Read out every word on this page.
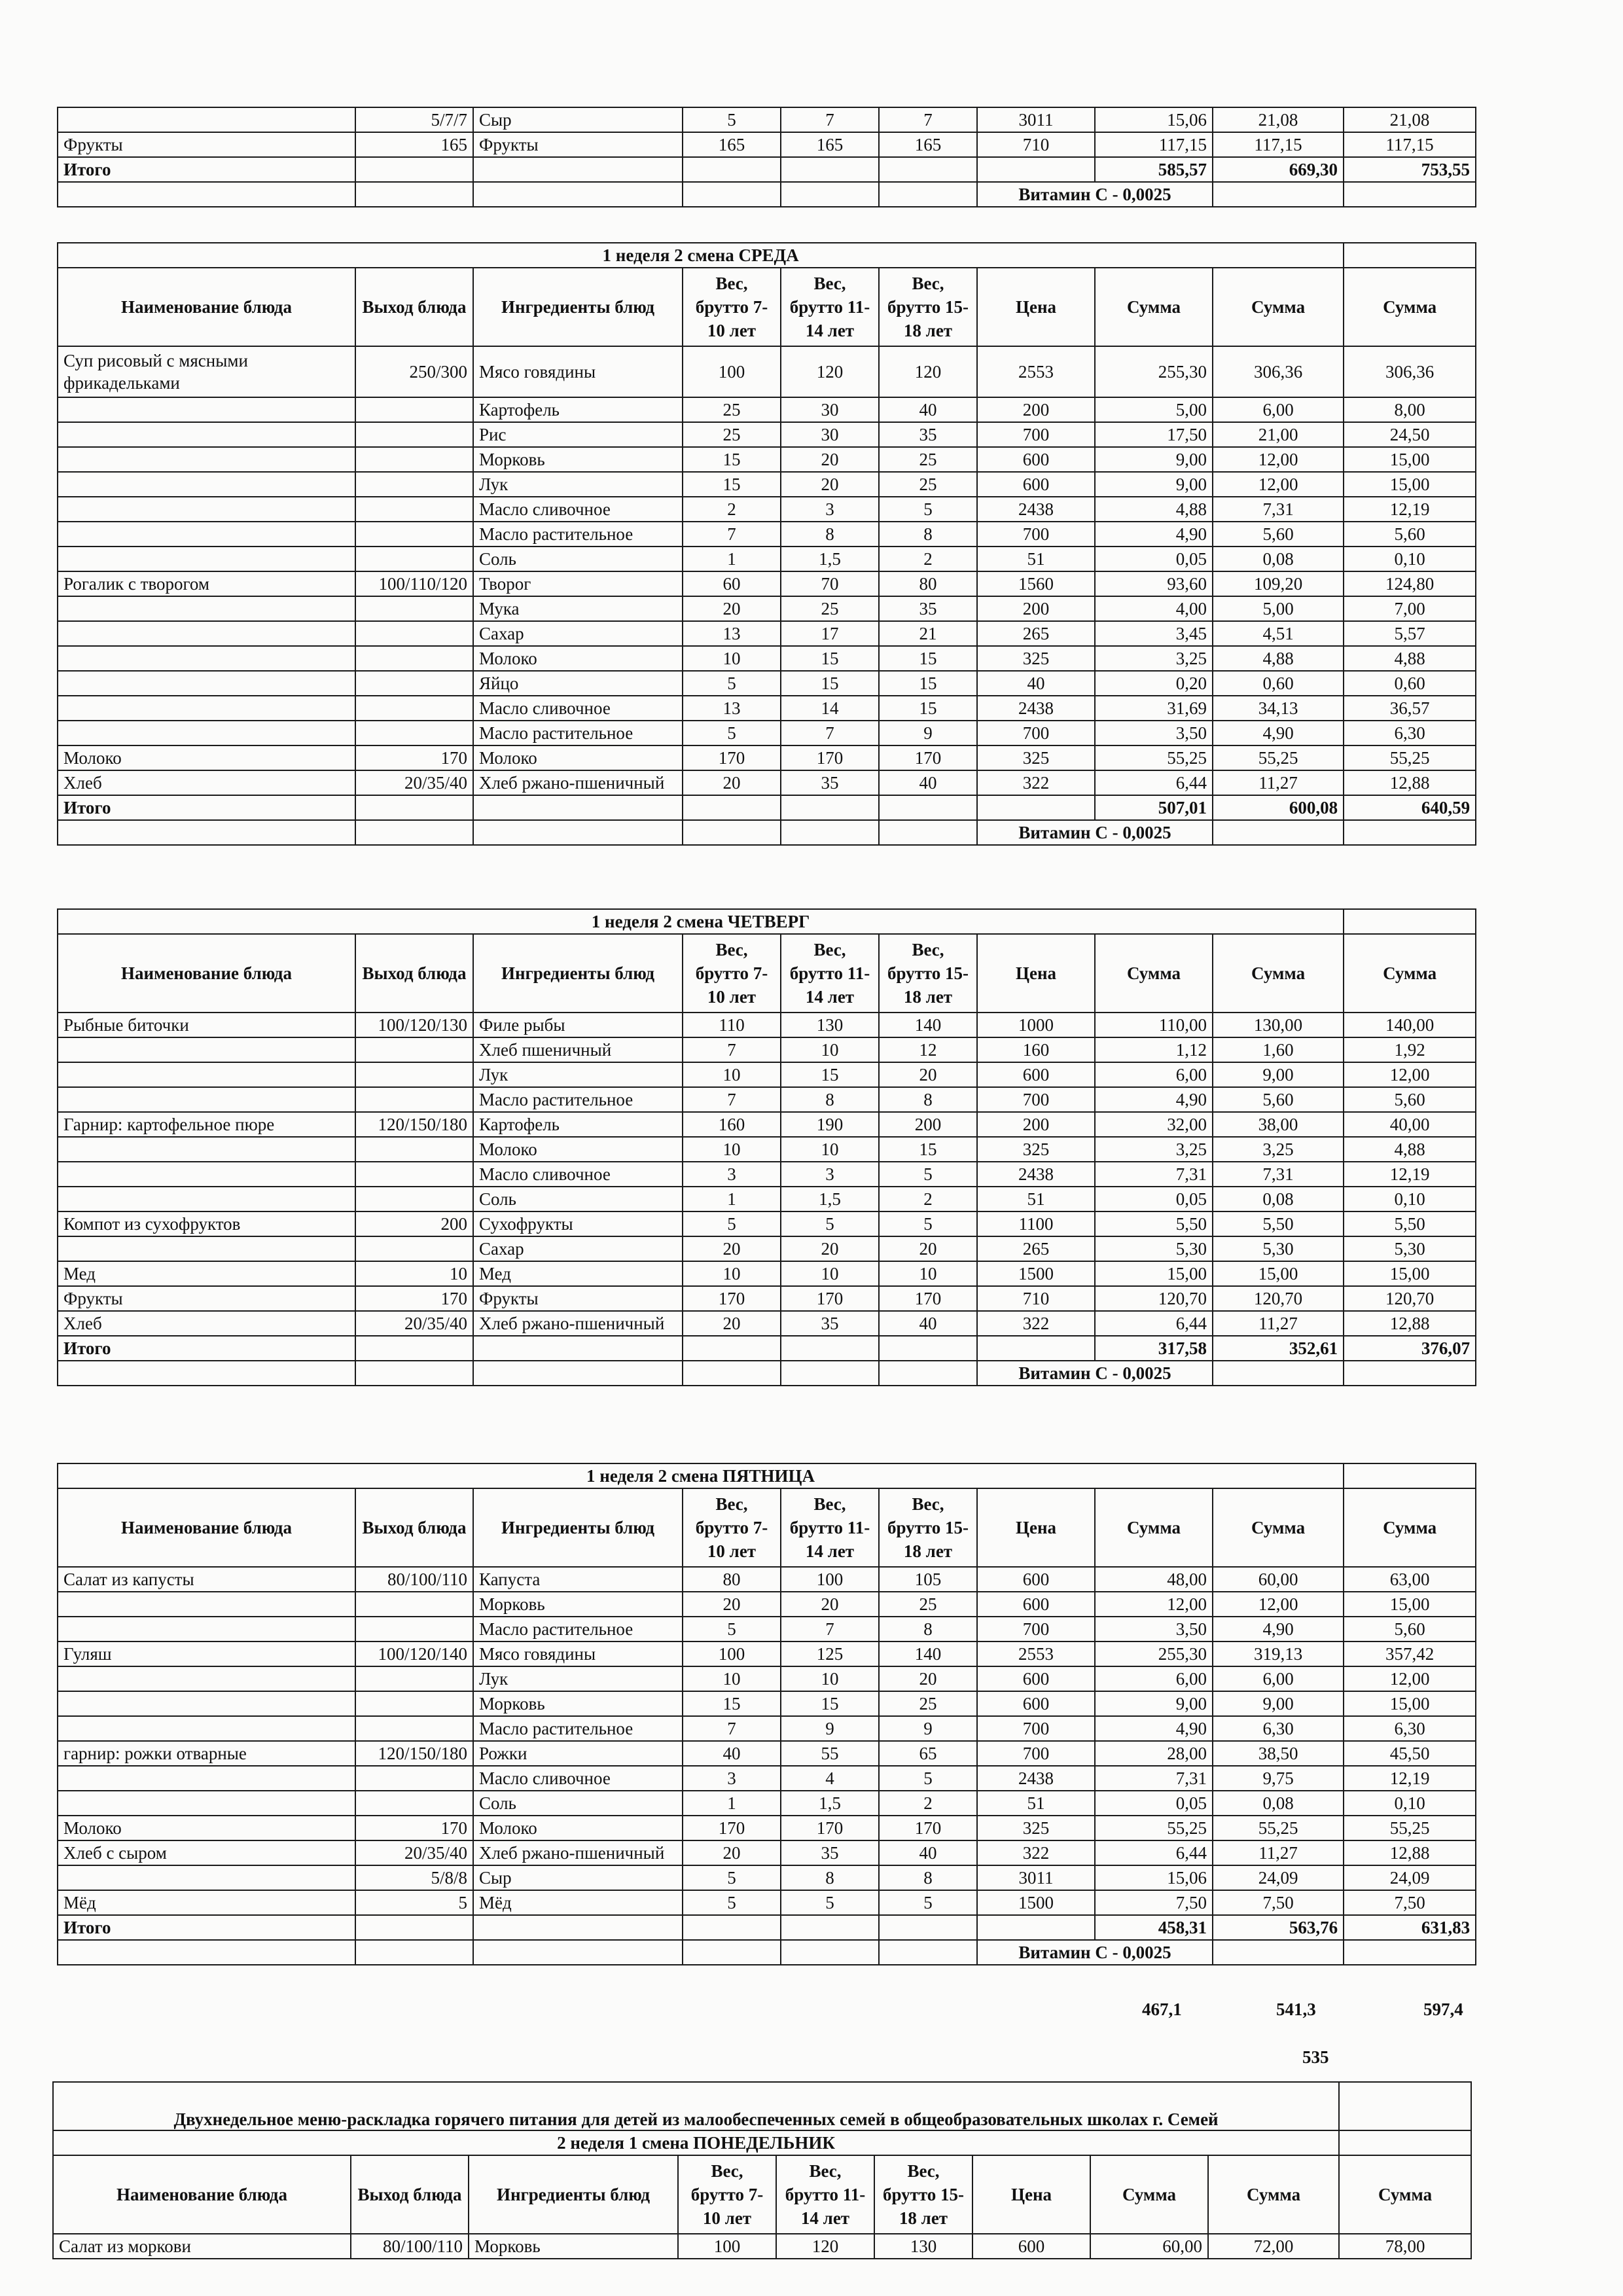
	5/7/7	Сыр	5	7	7	3011	15,06	21,08	21,08
Фрукты	165	Фрукты	165	165	165	710	117,15	117,15	117,15
Итого							585,57	669,30	753,55
						Витамин С - 0,0025			
1 неделя 2 смена СРЕДА									
Наименование блюда	Выход блюда	Ингредиенты блюд	Вес, брутто 7-10 лет	Вес, брутто 11-14 лет	Вес, брутто 15-18 лет	Цена	Сумма	Сумма	Сумма
Суп рисовый с мясными фрикадельками	250/300	Мясо говядины	100	120	120	2553	255,30	306,36	306,36
		Картофель	25	30	40	200	5,00	6,00	8,00
		Рис	25	30	35	700	17,50	21,00	24,50
		Морковь	15	20	25	600	9,00	12,00	15,00
		Лук	15	20	25	600	9,00	12,00	15,00
		Масло сливочное	2	3	5	2438	4,88	7,31	12,19
		Масло растительное	7	8	8	700	4,90	5,60	5,60
		Соль	1	1,5	2	51	0,05	0,08	0,10
Рогалик с творогом	100/110/120	Творог	60	70	80	1560	93,60	109,20	124,80
		Мука	20	25	35	200	4,00	5,00	7,00
		Сахар	13	17	21	265	3,45	4,51	5,57
		Молоко	10	15	15	325	3,25	4,88	4,88
		Яйцо	5	15	15	40	0,20	0,60	0,60
		Масло сливочное	13	14	15	2438	31,69	34,13	36,57
		Масло растительное	5	7	9	700	3,50	4,90	6,30
Молоко	170	Молоко	170	170	170	325	55,25	55,25	55,25
Хлеб	20/35/40	Хлеб ржано-пшеничный	20	35	40	322	6,44	11,27	12,88
Итого							507,01	600,08	640,59
						Витамин С - 0,0025			
1 неделя 2 смена ЧЕТВЕРГ									
Наименование блюда	Выход блюда	Ингредиенты блюд	Вес, брутто 7-10 лет	Вес, брутто 11-14 лет	Вес, брутто 15-18 лет	Цена	Сумма	Сумма	Сумма
Рыбные биточки	100/120/130	Филе рыбы	110	130	140	1000	110,00	130,00	140,00
		Хлеб пшеничный	7	10	12	160	1,12	1,60	1,92
		Лук	10	15	20	600	6,00	9,00	12,00
		Масло растительное	7	8	8	700	4,90	5,60	5,60
Гарнир: картофельное пюре	120/150/180	Картофель	160	190	200	200	32,00	38,00	40,00
		Молоко	10	10	15	325	3,25	3,25	4,88
		Масло сливочное	3	3	5	2438	7,31	7,31	12,19
		Соль	1	1,5	2	51	0,05	0,08	0,10
Компот из сухофруктов	200	Сухофрукты	5	5	5	1100	5,50	5,50	5,50
		Сахар	20	20	20	265	5,30	5,30	5,30
Мед	10	Мед	10	10	10	1500	15,00	15,00	15,00
Фрукты	170	Фрукты	170	170	170	710	120,70	120,70	120,70
Хлеб	20/35/40	Хлеб ржано-пшеничный	20	35	40	322	6,44	11,27	12,88
Итого							317,58	352,61	376,07
						Витамин С - 0,0025			
1 неделя 2 смена ПЯТНИЦА									
Наименование блюда	Выход блюда	Ингредиенты блюд	Вес, брутто 7-10 лет	Вес, брутто 11-14 лет	Вес, брутто 15-18 лет	Цена	Сумма	Сумма	Сумма
Салат из капусты	80/100/110	Капуста	80	100	105	600	48,00	60,00	63,00
		Морковь	20	20	25	600	12,00	12,00	15,00
		Масло растительное	5	7	8	700	3,50	4,90	5,60
Гуляш	100/120/140	Мясо говядины	100	125	140	2553	255,30	319,13	357,42
		Лук	10	10	20	600	6,00	6,00	12,00
		Морковь	15	15	25	600	9,00	9,00	15,00
		Масло растительное	7	9	9	700	4,90	6,30	6,30
гарнир: рожки отварные	120/150/180	Рожки	40	55	65	700	28,00	38,50	45,50
		Масло сливочное	3	4	5	2438	7,31	9,75	12,19
		Соль	1	1,5	2	51	0,05	0,08	0,10
Молоко	170	Молоко	170	170	170	325	55,25	55,25	55,25
Хлеб с сыром	20/35/40	Хлеб ржано-пшеничный	20	35	40	322	6,44	11,27	12,88
	5/8/8	Сыр	5	8	8	3011	15,06	24,09	24,09
Мёд	5	Мёд	5	5	5	1500	7,50	7,50	7,50
Итого							458,31	563,76	631,83
						Витамин С - 0,0025			
467,1	541,3	597,4
535
Двухнедельное меню-раскладка горячего питания для детей из малообеспеченных семей в общеобразовательных школах г. Семей									
2 неделя 1 смена ПОНЕДЕЛЬНИК									
Наименование блюда	Выход блюда	Ингредиенты блюд	Вес, брутто 7-10 лет	Вес, брутто 11-14 лет	Вес, брутто 15-18 лет	Цена	Сумма	Сумма	Сумма
Салат из моркови	80/100/110	Морковь	100	120	130	600	60,00	72,00	78,00
